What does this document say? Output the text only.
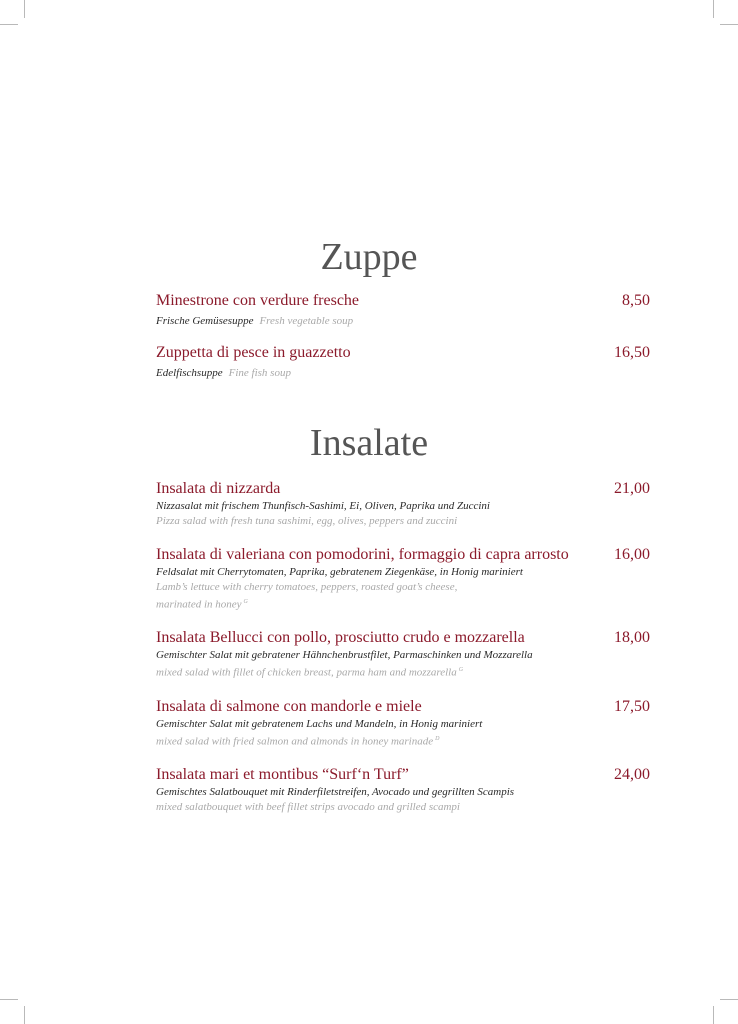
Zuppe
Minestrone con verdure fresche	8,50
Frische Gemüsesuppe Fresh vegetable soup
Zuppetta di pesce in guazzetto	16,50
Edelfischsuppe Fine fish soup
Insalate
Insalata di nizzarda	21,00
Nizzasalat mit frischem Thunfisch-Sashimi, Ei, Oliven, Paprika und Zuccini
Pizza salad with fresh tuna sashimi, egg, olives, peppers and zuccini
Insalata di valeriana con pomodorini, formaggio di capra arrosto	16,00
Feldsalat mit Cherrytomaten, Paprika, gebratenem Ziegenkäse, in Honig mariniert
Lamb’s lettuce with cherry tomatoes, peppers, roasted goat’s cheese,
marinated in honey $^G$
Insalata Bellucci con pollo, prosciutto crudo e mozzarella	18,00
Gemischter Salat mit gebratener Hähnchenbrustfilet, Parmaschinken und Mozzarella
mixed salad with fillet of chicken breast, parma ham and mozzarella $^G$
Insalata di salmone con mandorle e miele	17,50
Gemischter Salat mit gebratenem Lachs und Mandeln, in Honig mariniert
mixed salad with fried salmon and almonds in honey marinade $^D$
Insalata mari et montibus “Surf‘n Turf”	24,00
Gemischtes Salatbouquet mit Rinderfiletstreifen, Avocado und gegrillten Scampis
mixed salatbouquet with beef fillet strips avocado and grilled scampi
